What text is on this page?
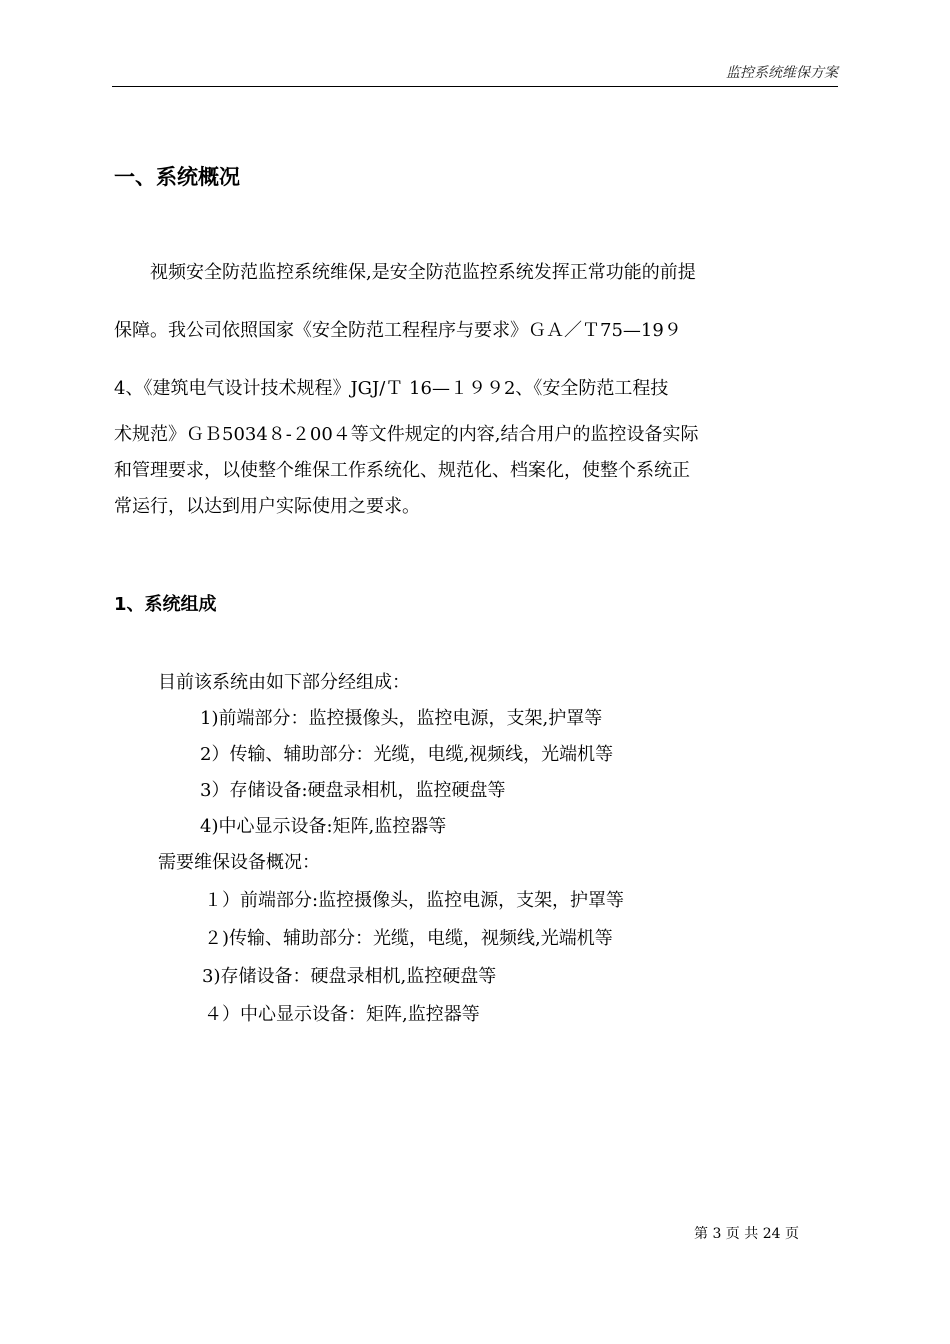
监控系统维保方案
一、系统概况
　　视频安全防范监控系统维保,是安全防范监控系统发挥正常功能的前提
保障。我公司依照国家《安全防范工程程序与要求》ＧＡ／Ｔ75—19９
4、《建筑电气设计技术规程》JGJ/Ｔ 16—１９９2、《安全防范工程技
术规范》ＧＢ5034８-２00４等文件规定的内容,结合用户的监控设备实际
和管理要求，以使整个维保工作系统化、规范化、档案化，使整个系统正
常运行，以达到用户实际使用之要求。
1、系统组成
目前该系统由如下部分经组成：
1)前端部分：监控摄像头，监控电源，支架,护罩等
2）传输、辅助部分：光缆，电缆,视频线，光端机等
3）存储设备:硬盘录相机，监控硬盘等
4)中心显示设备:矩阵,监控器等
需要维保设备概况：
１）前端部分:监控摄像头，监控电源，支架，护罩等
２)传输、辅助部分：光缆，电缆，视频线,光端机等
3)存储设备：硬盘录相机,监控硬盘等
４）中心显示设备：矩阵,监控器等
第 3 页 共 24 页
